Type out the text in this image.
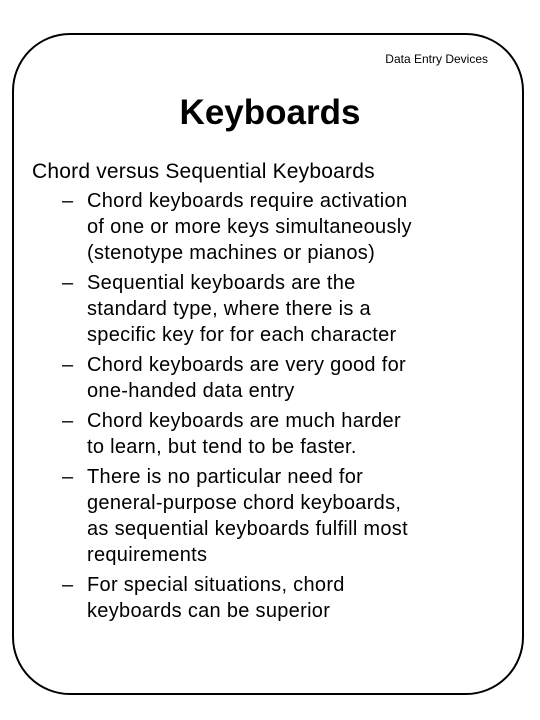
Data Entry Devices
Keyboards
Chord versus Sequential Keyboards
– Chord keyboards require activation
of one or more keys simultaneously
(stenotype machines or pianos)
– Sequential keyboards are the
standard type, where there is a
specific key for for each character
– Chord keyboards are very good for
one-handed data entry
– Chord keyboards are much harder
to learn, but tend to be faster.
– There is no particular need for
general-purpose chord keyboards,
as sequential keyboards fulfill most
requirements
– For special situations, chord
keyboards can be superior
